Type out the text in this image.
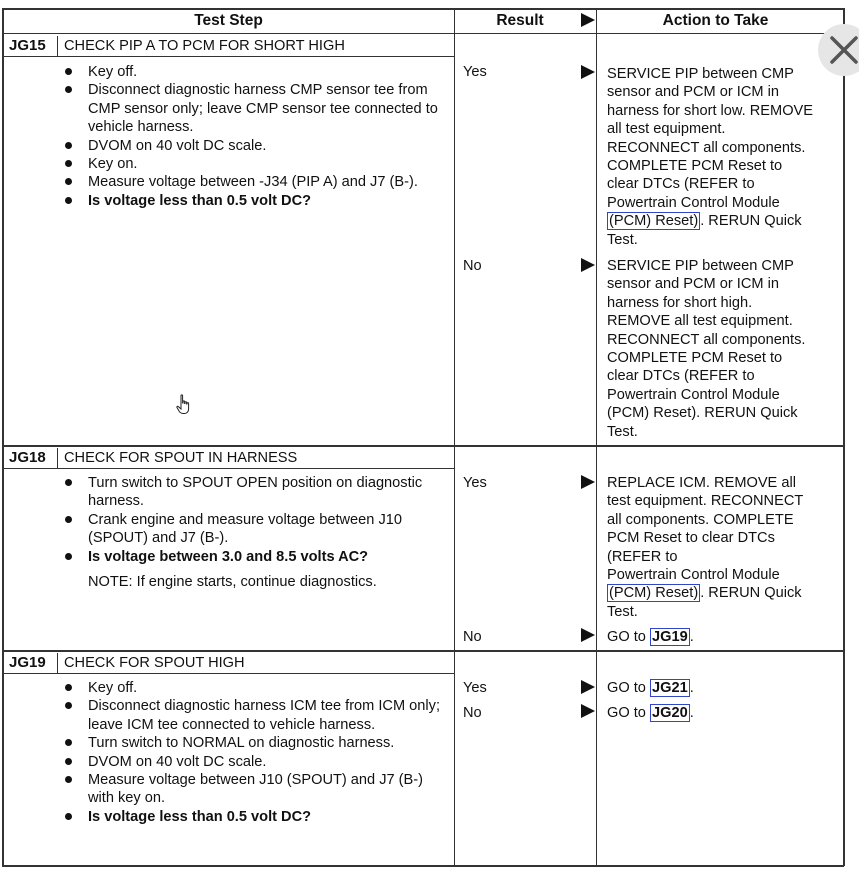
Test Step	Result	Action to Take
JG15 CHECK PIP A TO PCM FOR SHORT HIGH
Key off.
Disconnect diagnostic harness CMP sensor tee from CMP sensor only; leave CMP sensor tee connected to vehicle harness.
DVOM on 40 volt DC scale.
Key on.
Measure voltage between -J34 (PIP A) and J7 (B-).
Is voltage less than 0.5 volt DC?
Yes	SERVICE PIP between CMP
sensor and PCM or ICM in
harness for short low. REMOVE
all test equipment.
RECONNECT all components.
COMPLETE PCM Reset to
clear DTCs (REFER to
Powertrain Control Module
(PCM) Reset) . RERUN Quick
Test.
No	SERVICE PIP between CMP
sensor and PCM or ICM in
harness for short high.
REMOVE all test equipment.
RECONNECT all components.
COMPLETE PCM Reset to
clear DTCs (REFER to
Powertrain Control Module
(PCM) Reset). RERUN Quick
Test.
JG18 CHECK FOR SPOUT IN HARNESS
Turn switch to SPOUT OPEN position on diagnostic harness.
Crank engine and measure voltage between J10 (SPOUT) and J7 (B-).
Is voltage between 3.0 and 8.5 volts AC?
NOTE: If engine starts, continue diagnostics.
Yes	REPLACE ICM. REMOVE all
test equipment. RECONNECT
all components. COMPLETE
PCM Reset to clear DTCs
(REFER to
Powertrain Control Module
(PCM) Reset) . RERUN Quick
Test.
No	GO to JG19 .
JG19 CHECK FOR SPOUT HIGH
Key off.
Disconnect diagnostic harness ICM tee from ICM only; leave ICM tee connected to vehicle harness.
Turn switch to NORMAL on diagnostic harness.
DVOM on 40 volt DC scale.
Measure voltage between J10 (SPOUT) and J7 (B-) with key on.
Is voltage less than 0.5 volt DC?
Yes	GO to JG21 .
No	GO to JG20 .
